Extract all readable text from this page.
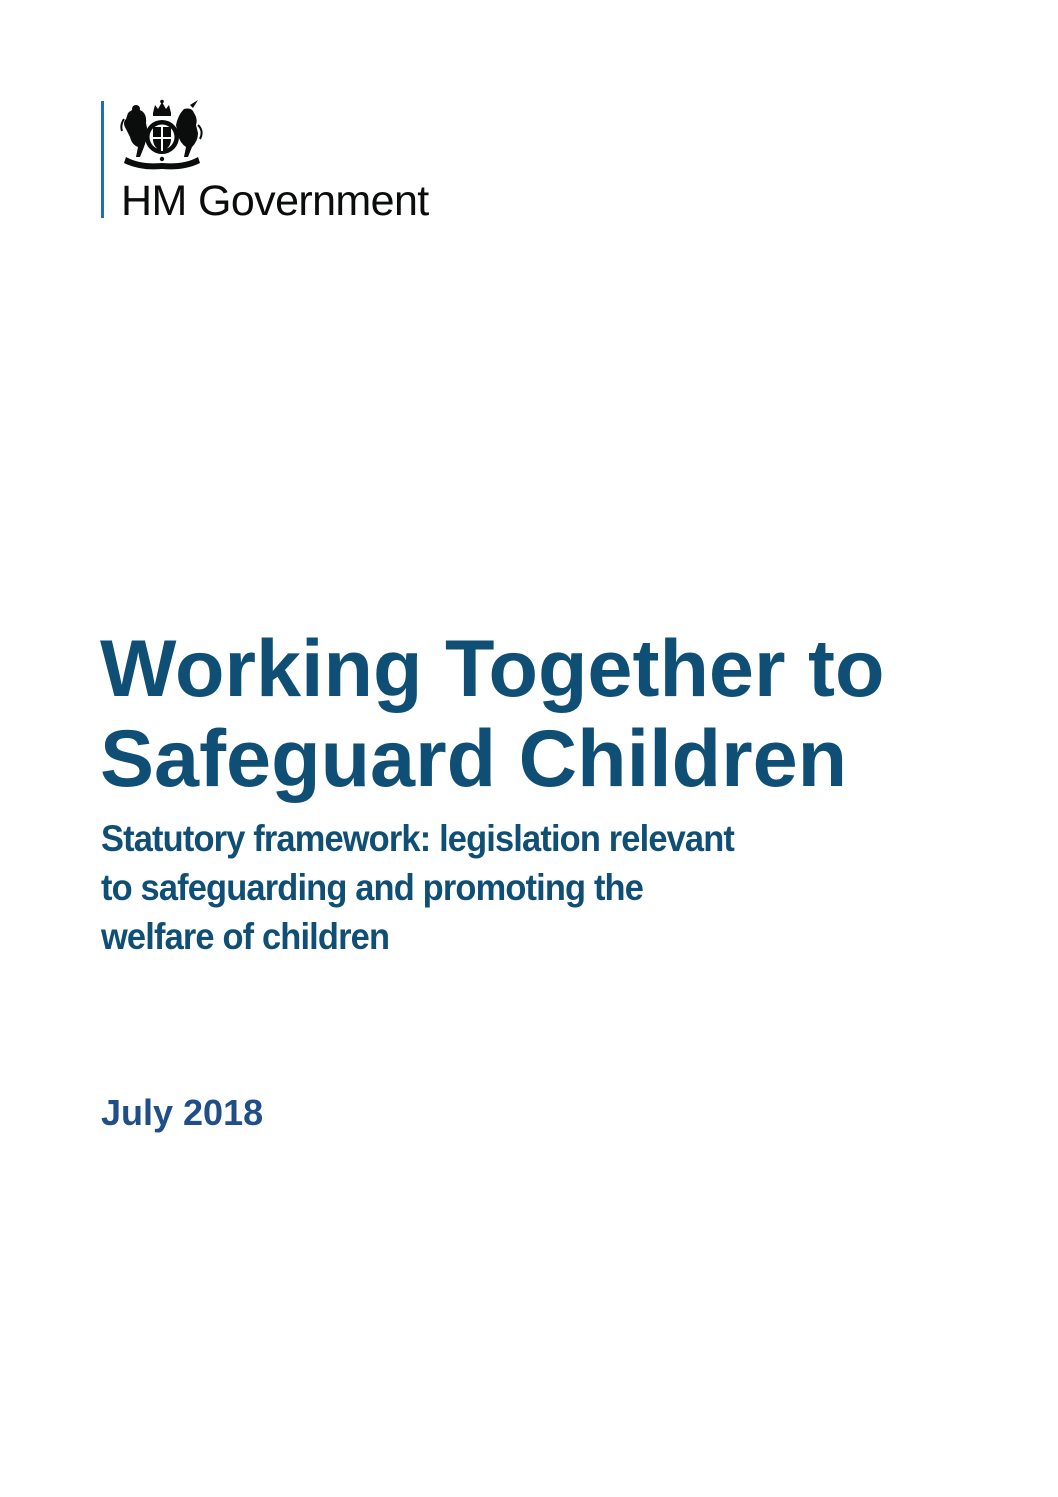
HM Government
Working Together to
Safeguard Children
Statutory framework: legislation relevant
to safeguarding and promoting the
welfare of children

July 2018
